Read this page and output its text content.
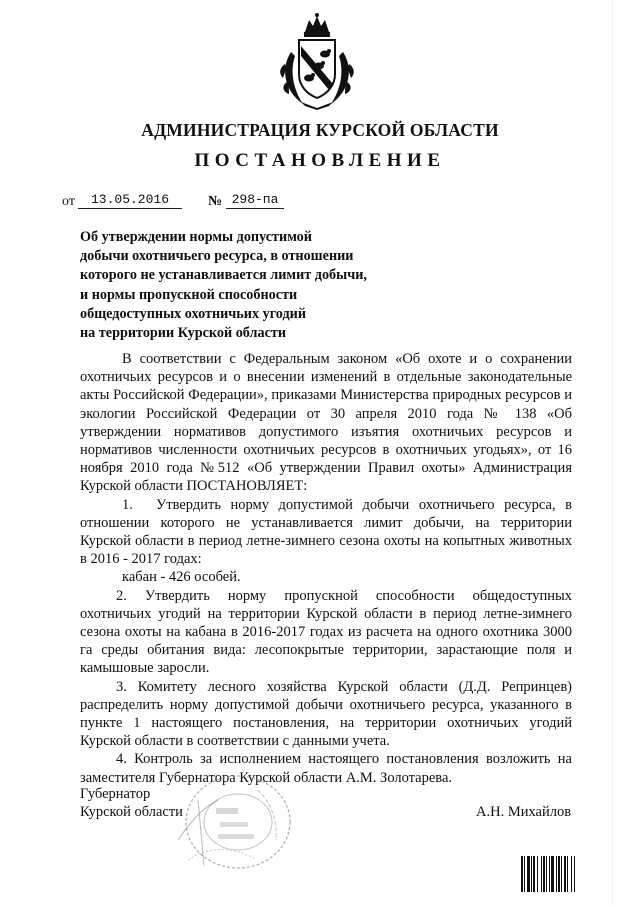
АДМИНИСТРАЦИЯ КУРСКОЙ ОБЛАСТИ
ПОСТАНОВЛЕНИЕ
от	13.05.2016	№ 298-па
Об утверждении нормы допустимой
добычи охотничьего ресурса, в отношении
которого не устанавливается лимит добычи,
и нормы пропускной способности
общедоступных охотничьих угодий
на территории Курской области
В соответствии с Федеральным законом «Об охоте и о сохранении охотничьих ресурсов и о внесении изменений в отдельные законодательные акты Российской Федерации», приказами Министерства природных ресурсов и экологии Российской Федерации от 30 апреля 2010 года № 138 «Об утверждении нормативов допустимого изъятия охотничьих ресурсов и нормативов численности охотничьих ресурсов в охотничьих угодьях», от 16 ноября 2010 года №512 «Об утверждении Правил охоты» Администрация Курской области ПОСТАНОВЛЯЕТ:
1. Утвердить норму допустимой добычи охотничьего ресурса, в отношении которого не устанавливается лимит добычи, на территории Курской области в период летне-зимнего сезона охоты на копытных животных в 2016 - 2017 годах:
кабан - 426 особей.
2. Утвердить норму пропускной способности общедоступных охотничьих угодий на территории Курской области в период летне-зимнего сезона охоты на кабана в 2016-2017 годах из расчета на одного охотника 3000 га среды обитания вида: лесопокрытые территории, зарастающие поля и камышовые заросли.
3. Комитету лесного хозяйства Курской области (Д.Д. Репринцев) распределить норму допустимой добычи охотничьего ресурса, указанного в пункте 1 настоящего постановления, на территории охотничьих угодий Курской области в соответствии с данными учета.
4. Контроль за исполнением настоящего постановления возложить на заместителя Губернатора Курской области А.М. Золотарева.
Губернатор
Курской области	А.Н. Михайлов
